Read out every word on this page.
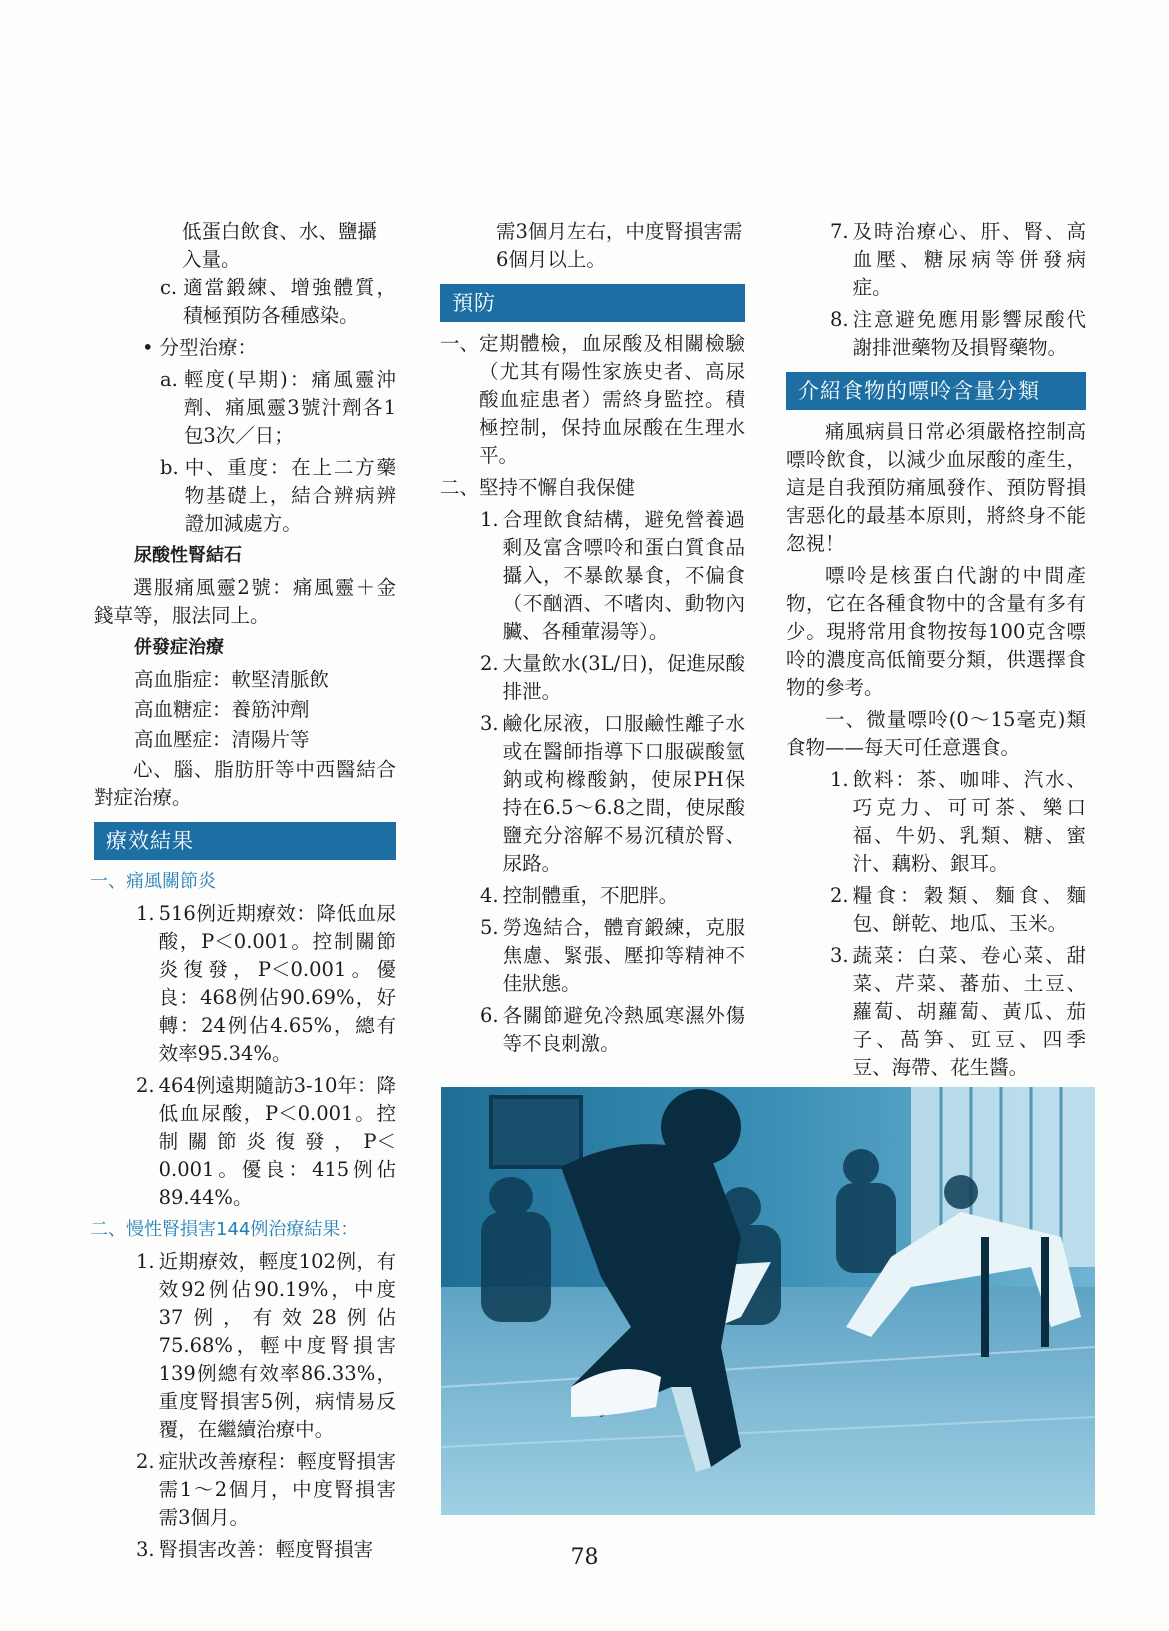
低蛋白飲食、水、鹽攝入量。
c. 適當鍛練、增強體質，積極預防各種感染。
• 分型治療：
a. 輕度(早期)：痛風靈沖劑、痛風靈3號汁劑各1包3次／日；
b. 中、重度：在上二方藥物基礎上，結合辨病辨證加減處方。
尿酸性腎結石
選服痛風靈2號：痛風靈＋金錢草等，服法同上。
併發症治療
高血脂症：軟堅清脈飲
高血糖症：養筋沖劑
高血壓症：清陽片等
心、腦、脂肪肝等中西醫結合對症治療。
療效結果
一、痛風關節炎
1. 516例近期療效：降低血尿酸，P＜0.001。控制關節炎復發，P＜0.001。優良：468例佔90.69%，好轉：24例佔4.65%，總有效率95.34%。
2. 464例遠期隨訪3-10年：降低血尿酸，P＜0.001。控制關節炎復發，P＜0.001。優良：415例佔89.44%。
二、慢性腎損害144例治療結果：
1. 近期療效，輕度102例，有效92例佔90.19%，中度37例，有效28例佔75.68%，輕中度腎損害139例總有效率86.33%，重度腎損害5例，病情易反覆，在繼續治療中。
2. 症狀改善療程：輕度腎損害需1～2個月，中度腎損害需3個月。
3. 腎損害改善：輕度腎損害
需3個月左右，中度腎損害需6個月以上。
預防
一、 定期體檢，血尿酸及相關檢驗（尤其有陽性家族史者、高尿酸血症患者）需終身監控。積極控制，保持血尿酸在生理水平。
二、 堅持不懈自我保健
1. 合理飲食結構，避免營養過剩及富含嘌呤和蛋白質食品攝入，不暴飲暴食，不偏食（不酗酒、不嗜肉、動物內臟、各種葷湯等）。
2. 大量飲水(3L/日)，促進尿酸排泄。
3. 鹼化尿液，口服鹼性離子水或在醫師指導下口服碳酸氫鈉或枸橼酸鈉，使尿PH保持在6.5～6.8之間，使尿酸鹽充分溶解不易沉積於腎、尿路。
4. 控制體重，不肥胖。
5. 勞逸結合，體育鍛練，克服焦慮、緊張、壓抑等精神不佳狀態。
6. 各關節避免冷熱風寒濕外傷等不良刺激。
7. 及時治療心、肝、腎、高血壓、糖尿病等併發病症。
8. 注意避免應用影響尿酸代謝排泄藥物及損腎藥物。
介紹食物的嘌呤含量分類
痛風病員日常必須嚴格控制高嘌呤飲食，以減少血尿酸的產生，這是自我預防痛風發作、預防腎損害惡化的最基本原則，將終身不能忽視！
嘌呤是核蛋白代謝的中間產物，它在各種食物中的含量有多有少。現將常用食物按每100克含嘌呤的濃度高低簡要分類，供選擇食物的參考。
一、微量嘌呤(0～15毫克)類食物——每天可任意選食。
1. 飲料：茶、咖啡、汽水、巧克力、可可茶、樂口福、牛奶、乳類、糖、蜜汁、藕粉、銀耳。
2. 糧食：穀類、麵食、麵包、餅乾、地瓜、玉米。
3. 蔬菜：白菜、卷心菜、甜菜、芹菜、蕃茄、土豆、蘿蔔、胡蘿蔔、黃瓜、茄子、萵笋、豇豆、四季豆、海帶、花生醬。
78
